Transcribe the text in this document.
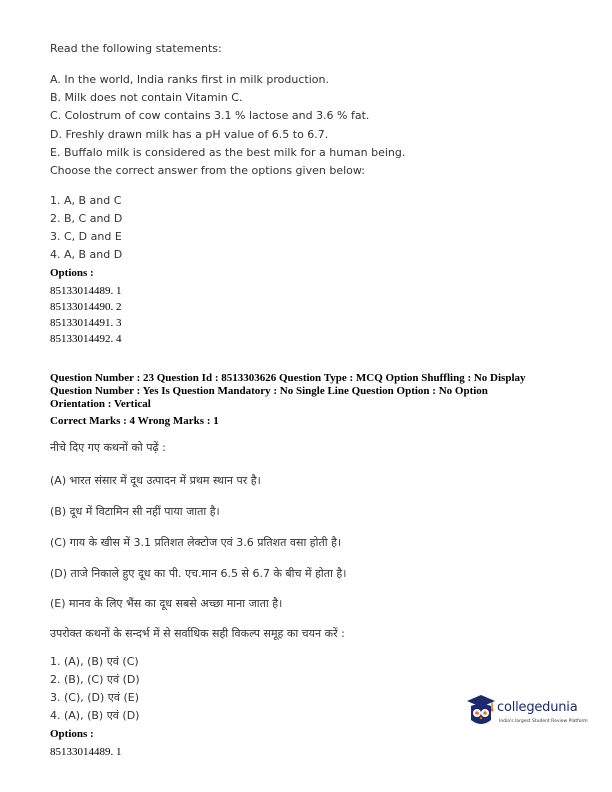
Read the following statements:
A. In the world, India ranks first in milk production.
B. Milk does not contain Vitamin C.
C. Colostrum of cow contains 3.1 % lactose and 3.6 % fat.
D. Freshly drawn milk has a pH value of 6.5 to 6.7.
E. Buffalo milk is considered as the best milk for a human being.
Choose the correct answer from the options given below:
1. A, B and C
2. B, C and D
3. C, D and E
4. A, B and D
Options :
85133014489. 1
85133014490. 2
85133014491. 3
85133014492. 4
Question Number : 23 Question Id : 8513303626 Question Type : MCQ Option Shuffling : No Display
Question Number : Yes Is Question Mandatory : No Single Line Question Option : No Option
Orientation : Vertical
Correct Marks : 4 Wrong Marks : 1
नीचे दिए गए कथनों को पढ़ें :
(A) भारत संसार में दूध उत्पादन में प्रथम स्थान पर है।
(B) दूध में विटामिन सी नहीं पाया जाता है।
(C) गाय के खीस में 3.1 प्रतिशत लेक्टोज एवं 3.6 प्रतिशत वसा होती है।
(D) ताजे निकाले हुए दूध का पी. एच.मान 6.5 से 6.7 के बीच में होता है।
(E) मानव के लिए भैंस का दूध सबसे अच्छा माना जाता है।
उपरोक्त कथनों के सन्दर्भ में से सर्वाधिक सही विकल्प समूह का चयन करें :
1. (A), (B) एवं (C)
2. (B), (C) एवं (D)
3. (C), (D) एवं (E)
4. (A), (B) एवं (D)
Options :
85133014489. 1
collegedunia
India's largest Student Review Platform
